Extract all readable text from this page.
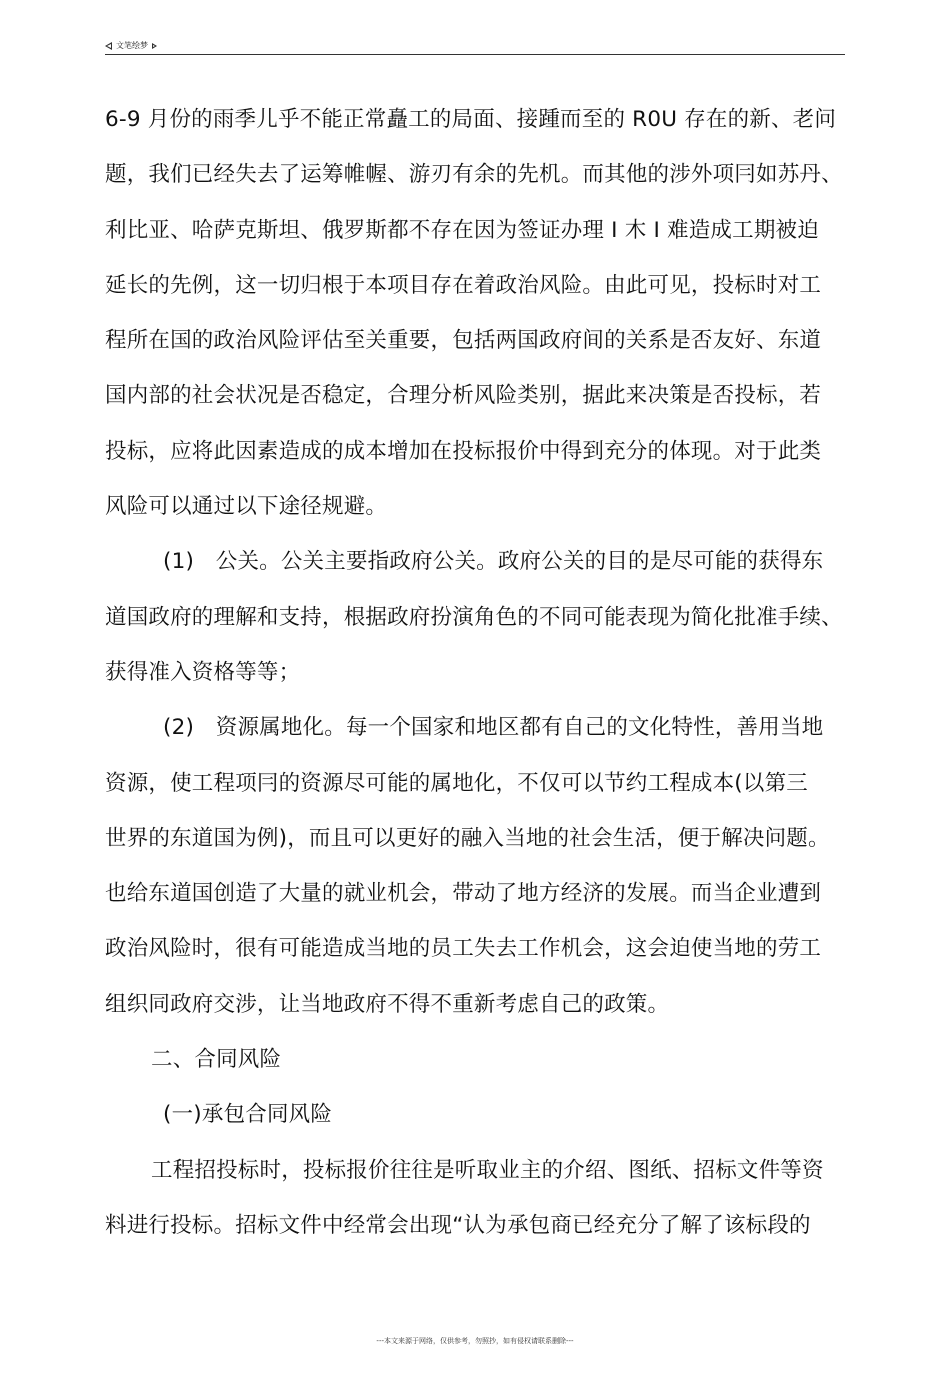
文笔绘梦
6-9 月份的雨季儿乎不能正常矗工的局面、接踵而至的 R0U 存在的新、老问
题，我们已经失去了运筹帷幄、游刃有余的先机。而其他的涉外项冃如苏丹、
利比亚、哈萨克斯坦、俄罗斯都不存在因为签证办理 I 木 I 难造成工期被迫
延长的先例，这一切归根于本项目存在着政治风险。由此可见，投标时对工
程所在国的政治风险评估至关重要，包括两国政府间的关系是否友好、东道
国内部的社会状况是否稳定，合理分析风险类别，据此来决策是否投标，若
投标，应将此因素造成的成本增加在投标报价中得到充分的体现。对于此类
风险可以通过以下途径规避。
(1)　公关。公关主要指政府公关。政府公关的目的是尽可能的获得东
道国政府的理解和支持，根据政府扮演角色的不同可能表现为简化批准手续、
获得准入资格等等；
(2)　资源属地化。每一个国家和地区都有自己的文化特性，善用当地
资源，使工程项冃的资源尽可能的属地化，不仅可以节约工程成本(以第三
世界的东道国为例)，而且可以更好的融入当地的社会生活，便于解决问题。
也给东道国创造了大量的就业机会，带动了地方经济的发展。而当企业遭到
政治风险时，很有可能造成当地的员工失去工作机会，这会迫使当地的劳工
组织同政府交涉，让当地政府不得不重新考虑自己的政策。
二、合同风险
(一)承包合同风险
工程招投标时，投标报价往往是听取业主的介绍、图纸、招标文件等资
料进行投标。招标文件中经常会出现“认为承包商已经充分了解了该标段的
---本文来源于网络，仅供参考，勿照抄，如有侵权请联系删除---
